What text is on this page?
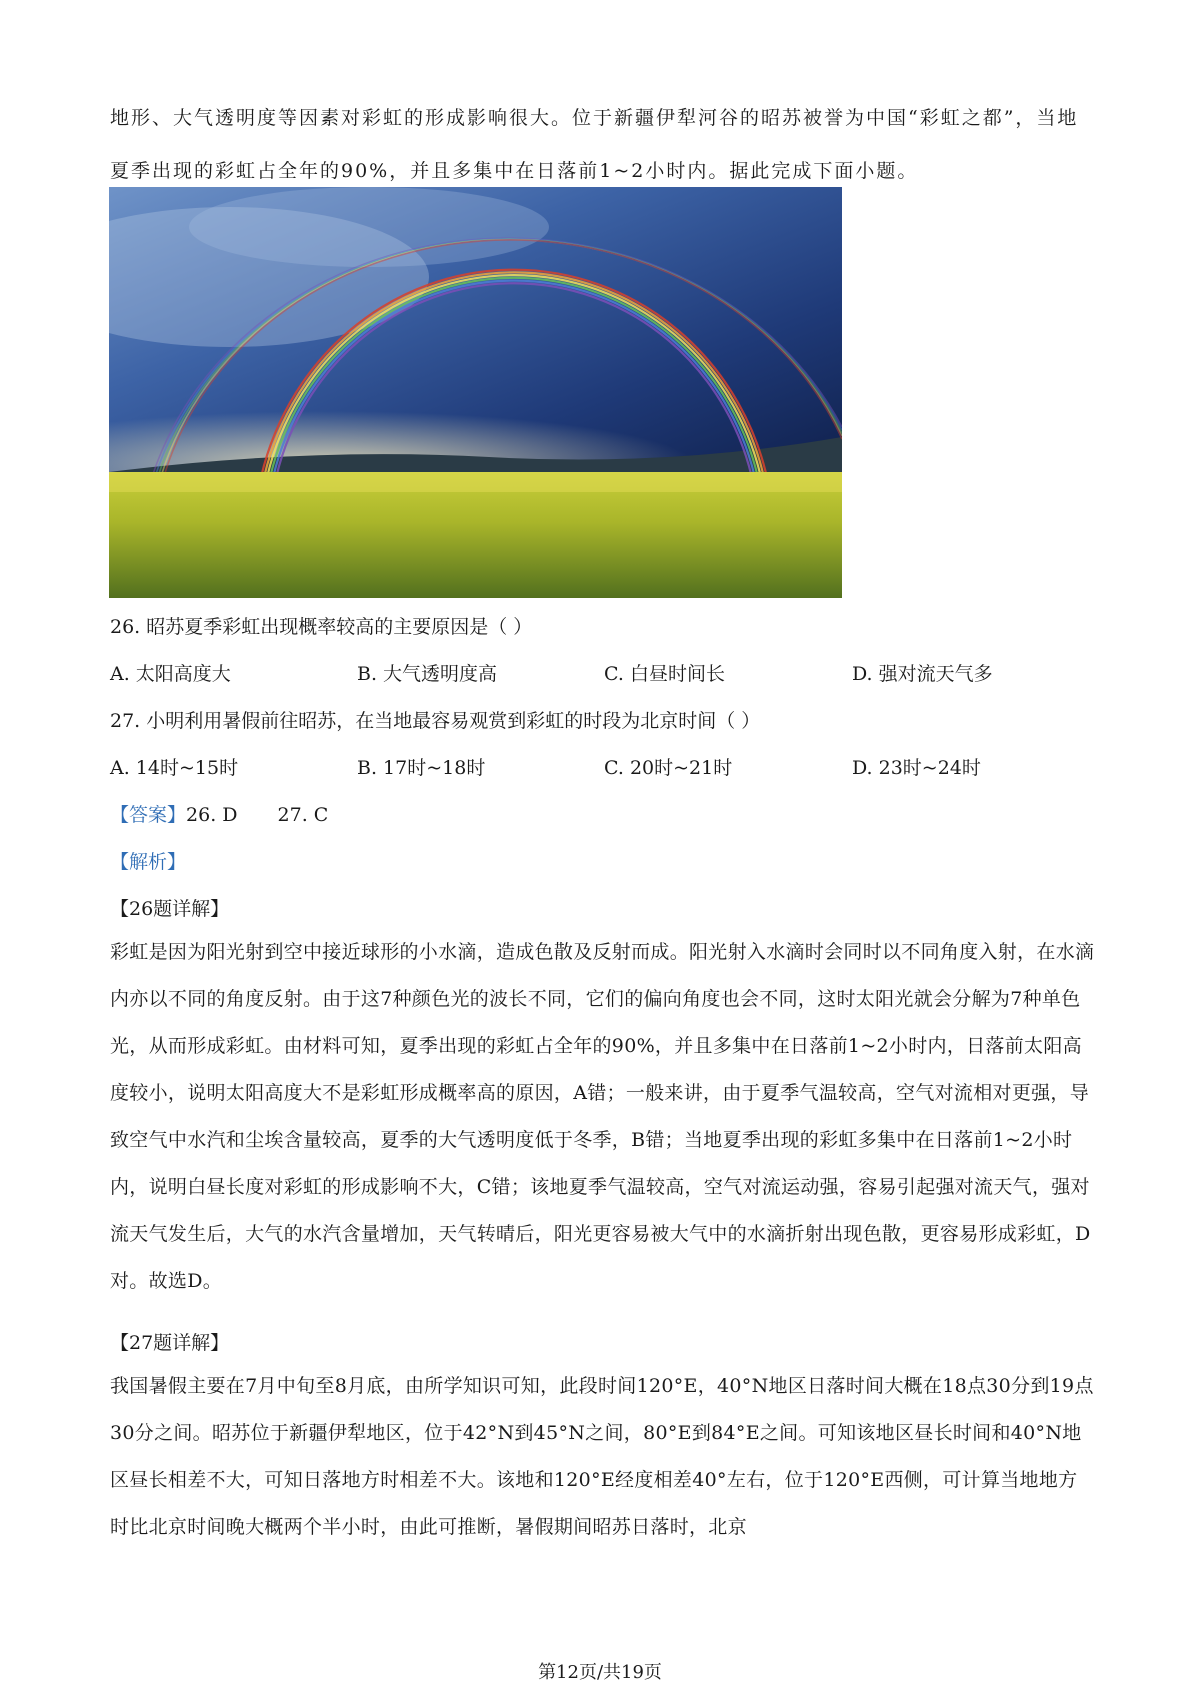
地形、大气透明度等因素对彩虹的形成影响很大。位于新疆伊犁河谷的昭苏被誉为中国“彩虹之都”，当地夏季出现的彩虹占全年的90%，并且多集中在日落前1~2小时内。据此完成下面小题。
26. 昭苏夏季彩虹出现概率较高的主要原因是（ ）
A. 太阳高度大	B. 大气透明度高	C. 白昼时间长	D. 强对流天气多
27. 小明利用暑假前往昭苏，在当地最容易观赏到彩虹的时段为北京时间（ ）
A. 14时~15时	B. 17时~18时	C. 20时~21时	D. 23时~24时
【答案】26. D 27. C
【解析】
【26题详解】
彩虹是因为阳光射到空中接近球形的小水滴，造成色散及反射而成。阳光射入水滴时会同时以不同角度入射，在水滴内亦以不同的角度反射。由于这7种颜色光的波长不同，它们的偏向角度也会不同，这时太阳光就会分解为7种单色光，从而形成彩虹。由材料可知，夏季出现的彩虹占全年的90%，并且多集中在日落前1~2小时内，日落前太阳高度较小，说明太阳高度大不是彩虹形成概率高的原因，A错；一般来讲，由于夏季气温较高，空气对流相对更强，导致空气中水汽和尘埃含量较高，夏季的大气透明度低于冬季，B错；当地夏季出现的彩虹多集中在日落前1~2小时内，说明白昼长度对彩虹的形成影响不大，C错；该地夏季气温较高，空气对流运动强，容易引起强对流天气，强对流天气发生后，大气的水汽含量增加，天气转晴后，阳光更容易被大气中的水滴折射出现色散，更容易形成彩虹，D对。故选D。
【27题详解】
我国暑假主要在7月中旬至8月底，由所学知识可知，此段时间120°E，40°N地区日落时间大概在18点30分到19点30分之间。昭苏位于新疆伊犁地区，位于42°N到45°N之间，80°E到84°E之间。可知该地区昼长时间和40°N地区昼长相差不大，可知日落地方时相差不大。该地和120°E经度相差40°左右，位于120°E西侧，可计算当地地方时比北京时间晚大概两个半小时，由此可推断，暑假期间昭苏日落时，北京
第12页/共19页
